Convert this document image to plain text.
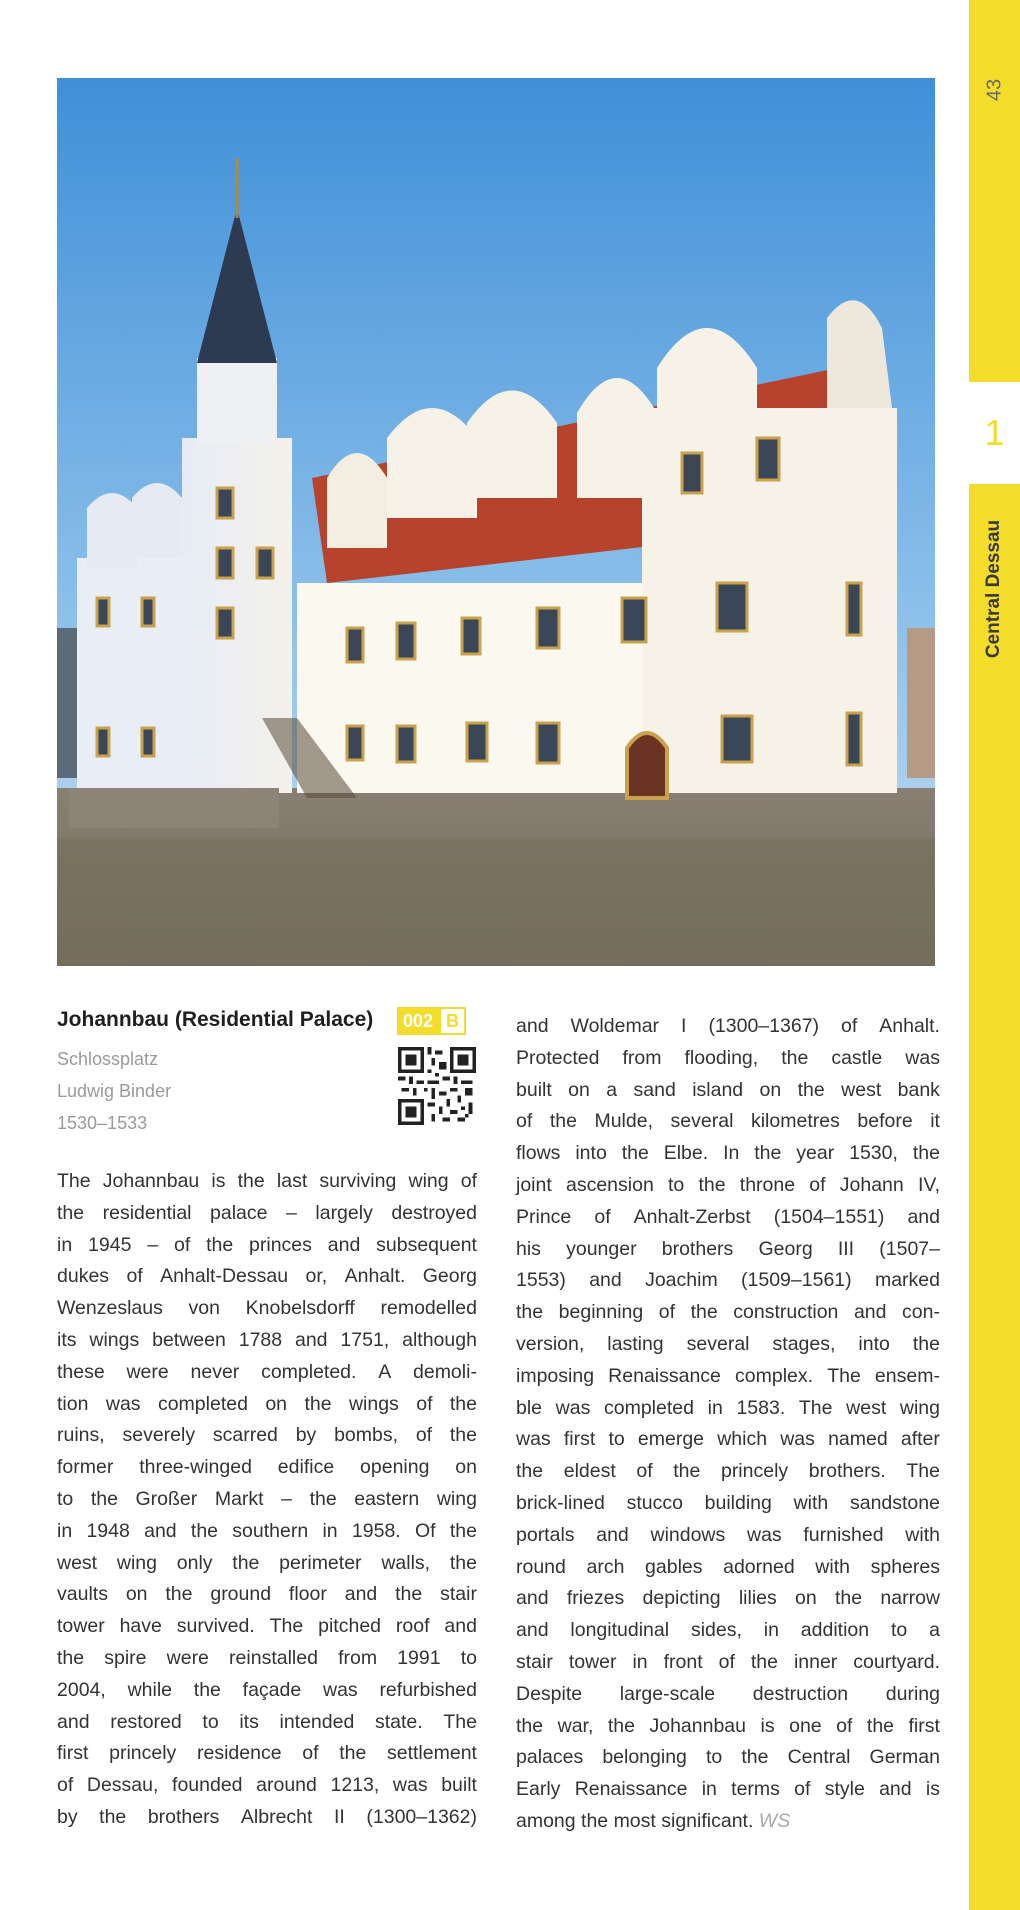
43
1
Central Dessau
Johannbau (Residential Palace)	002 B
Schlossplatz
Ludwig Binder
1530–1533
The Johannbau is the last surviving wing of
the residential palace – largely destroyed
in 1945 – of the princes and subsequent
dukes of Anhalt-Dessau or, Anhalt. Georg
Wenzeslaus von Knobelsdorff remodelled
its wings between 1788 and 1751, although
these were never completed. A demoli-
tion was completed on the wings of the
ruins, severely scarred by bombs, of the
former three-winged edifice opening on
to the Großer Markt – the eastern wing
in 1948 and the southern in 1958. Of the
west wing only the perimeter walls, the
vaults on the ground floor and the stair
tower have survived. The pitched roof and
the spire were reinstalled from 1991 to
2004, while the façade was refurbished
and restored to its intended state. The
first princely residence of the settlement
of Dessau, founded around 1213, was built
by the brothers Albrecht II (1300–1362)
and Woldemar I (1300–1367) of Anhalt.
Protected from flooding, the castle was
built on a sand island on the west bank
of the Mulde, several kilometres before it
flows into the Elbe. In the year 1530, the
joint ascension to the throne of Johann IV,
Prince of Anhalt-Zerbst (1504–1551) and
his younger brothers Georg III (1507–
1553) and Joachim (1509–1561) marked
the beginning of the construction and con-
version, lasting several stages, into the
imposing Renaissance complex. The ensem-
ble was completed in 1583. The west wing
was first to emerge which was named after
the eldest of the princely brothers. The
brick-lined stucco building with sandstone
portals and windows was furnished with
round arch gables adorned with spheres
and friezes depicting lilies on the narrow
and longitudinal sides, in addition to a
stair tower in front of the inner courtyard.
Despite large-scale destruction during
the war, the Johannbau is one of the first
palaces belonging to the Central German
Early Renaissance in terms of style and is
among the most significant. WS
